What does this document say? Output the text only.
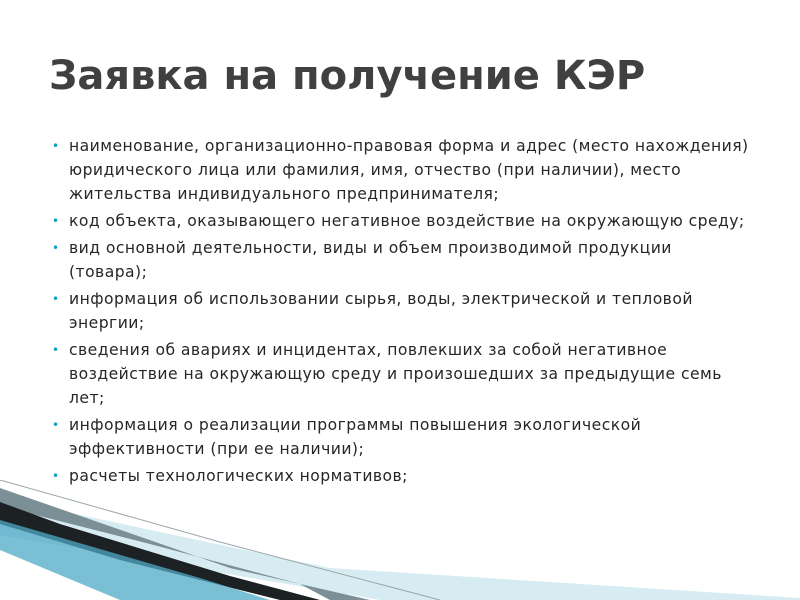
Заявка на получение КЭР
• наименование, организационно-правовая форма и адрес (место нахождения) юридического лица или фамилия, имя, отчество (при наличии), место жительства индивидуального предпринимателя;
• код объекта, оказывающего негативное воздействие на окружающую среду;
• вид основной деятельности, виды и объем производимой продукции (товара);
• информация об использовании сырья, воды, электрической и тепловой энергии;
• сведения об авариях и инцидентах, повлекших за собой негативное воздействие на окружающую среду и произошедших за предыдущие семь лет;
• информация о реализации программы повышения экологической эффективности (при ее наличии);
• расчеты технологических нормативов;
